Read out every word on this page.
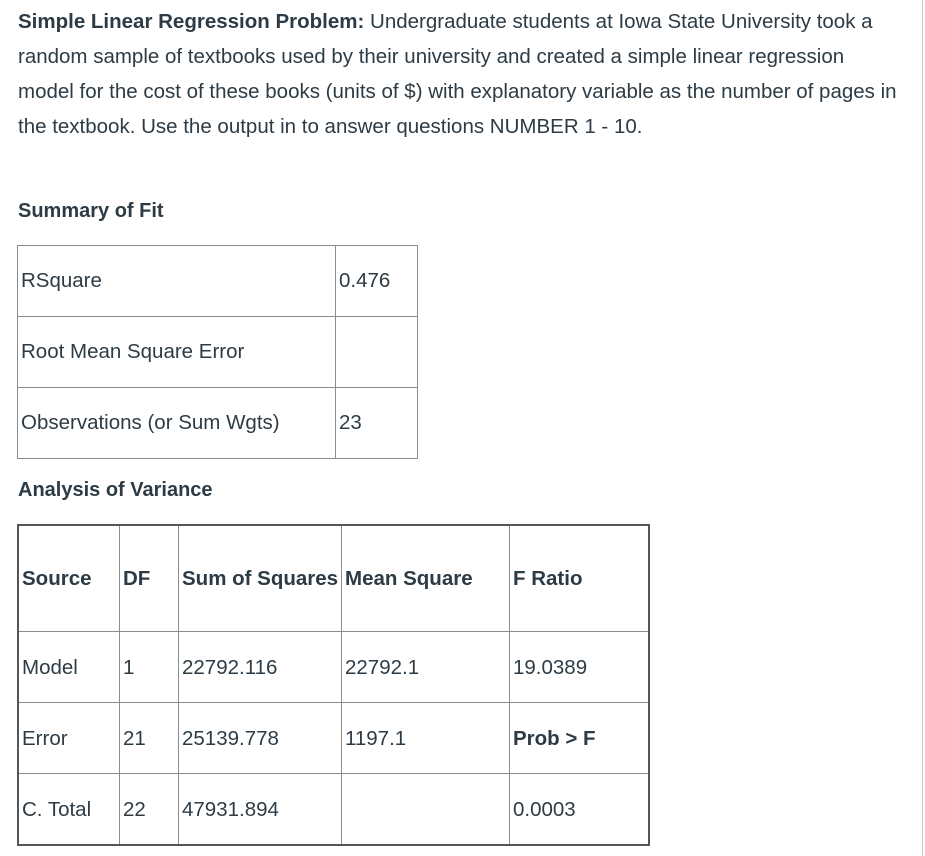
Simple Linear Regression Problem: Undergraduate students at Iowa State University took a random sample of textbooks used by their university and created a simple linear regression model for the cost of these books (units of $) with explanatory variable as the number of pages in the textbook. Use the output in to answer questions NUMBER 1 - 10.

Summary of Fit
RSquare	0.476
Root Mean Square Error	
Observations (or Sum Wgts)	23
Analysis of Variance
Source	DF	Sum of Squares	Mean Square	F Ratio
Model	1	22792.116	22792.1	19.0389
Error	21	25139.778	1197.1	Prob > F
C. Total	22	47931.894		0.0003
